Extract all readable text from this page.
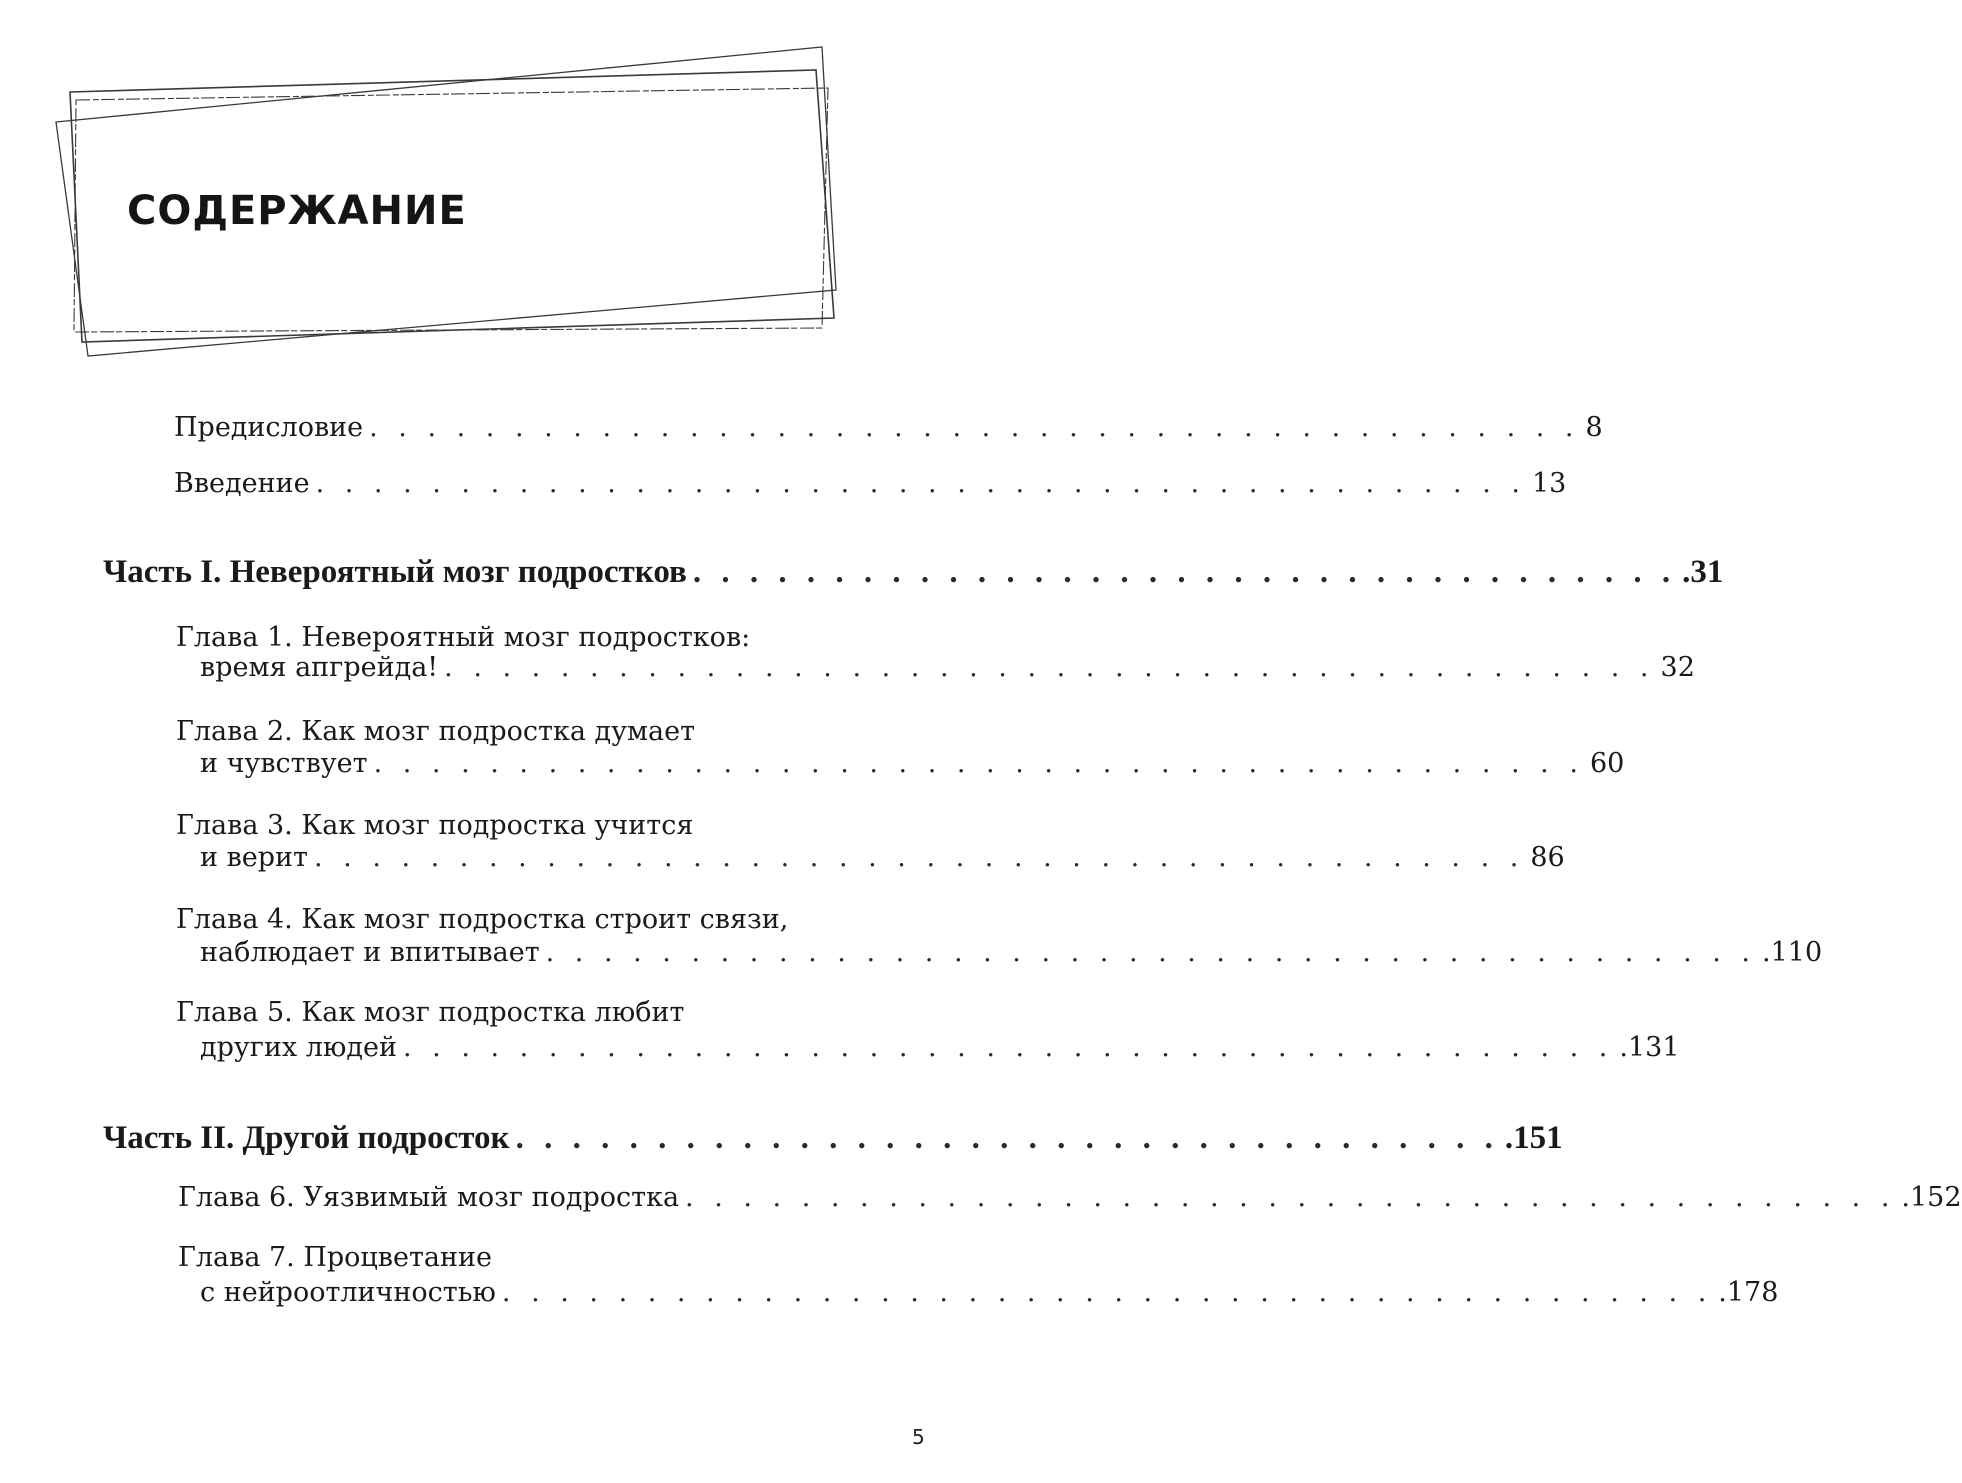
СОДЕРЖАНИЕ
Предисловие . . . . . . . . . . . . . . . . . . . . . . . . . . . . . . . . . . . . . . . . . . 8
Введение . . . . . . . . . . . . . . . . . . . . . . . . . . . . . . . . . . . . . . . . . . 13
Часть I. Невероятный мозг подростков . . . . . . . . . . . . . . . . . . . . . . . . . . . . . . . . . . . .31
Глава 1. Невероятный мозг подростков:
время апгрейда! . . . . . . . . . . . . . . . . . . . . . . . . . . . . . . . . . . . . . . . . . . 32
Глава 2. Как мозг подростка думает
и чувствует . . . . . . . . . . . . . . . . . . . . . . . . . . . . . . . . . . . . . . . . . . 60
Глава 3. Как мозг подростка учится
и верит . . . . . . . . . . . . . . . . . . . . . . . . . . . . . . . . . . . . . . . . . . 86
Глава 4. Как мозг подростка строит связи,
наблюдает и впитывает . . . . . . . . . . . . . . . . . . . . . . . . . . . . . . . . . . . . . . . . . . .110
Глава 5. Как мозг подростка любит
других людей . . . . . . . . . . . . . . . . . . . . . . . . . . . . . . . . . . . . . . . . . . .131
Часть II. Другой подросток . . . . . . . . . . . . . . . . . . . . . . . . . . . . . . . . . . . .151
Глава 6. Уязвимый мозг подростка . . . . . . . . . . . . . . . . . . . . . . . . . . . . . . . . . . . . . . . . . . .152
Глава 7. Процветание
с нейроотличностью . . . . . . . . . . . . . . . . . . . . . . . . . . . . . . . . . . . . . . . . . . .178
5
